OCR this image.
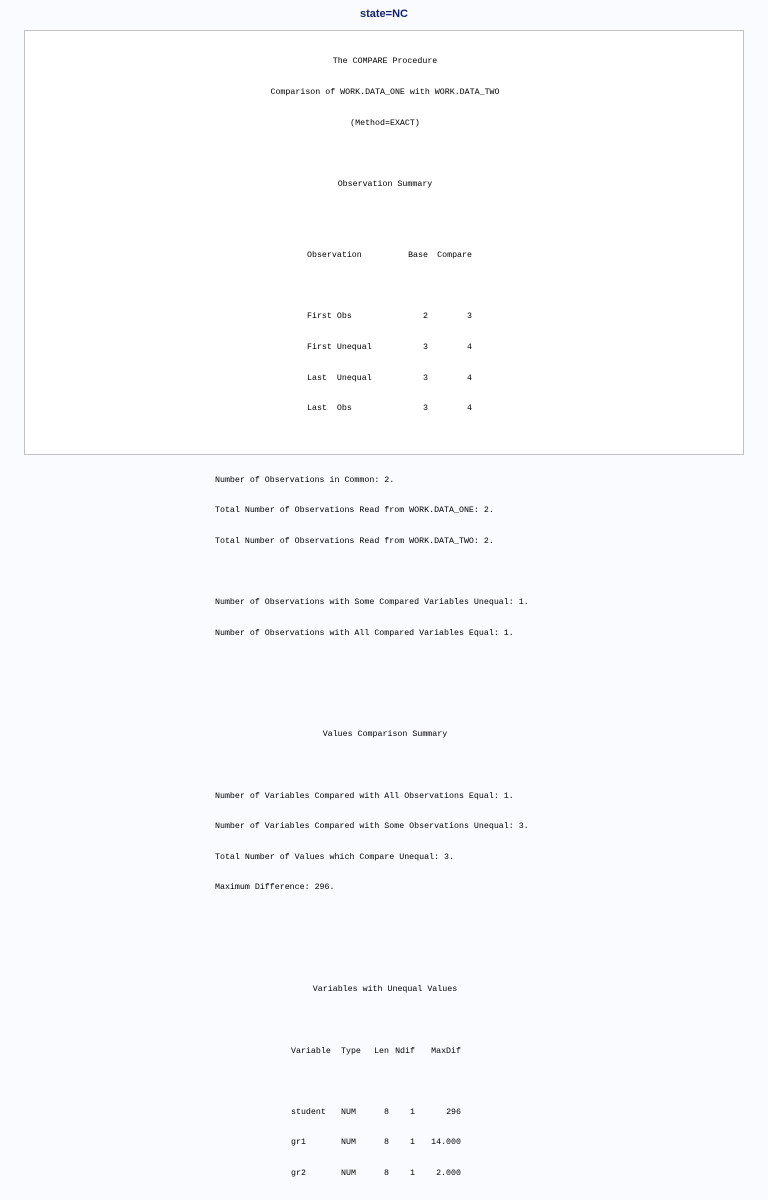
state=NC

The COMPARE Procedure

Comparison of WORK.DATA_ONE with WORK.DATA_TWO

(Method=EXACT)

Observation Summary

Observation	Base	Compare

First Obs	2	3

First Unequal	3	4

Last  Unequal	3	4

Last  Obs	3	4

Number of Observations in Common: 2.

Total Number of Observations Read from WORK.DATA_ONE: 2.

Total Number of Observations Read from WORK.DATA_TWO: 2.

Number of Observations with Some Compared Variables Unequal: 1.

Number of Observations with All Compared Variables Equal: 1.

Values Comparison Summary

Number of Variables Compared with All Observations Equal: 1.

Number of Variables Compared with Some Observations Unequal: 3.

Total Number of Values which Compare Unequal: 3.

Maximum Difference: 296.

Variables with Unequal Values

Variable	Type	Len Ndif	MaxDif

student	NUM	8	1	296

gr1	NUM	8	1	14.000

gr2	NUM	8	1	2.000
